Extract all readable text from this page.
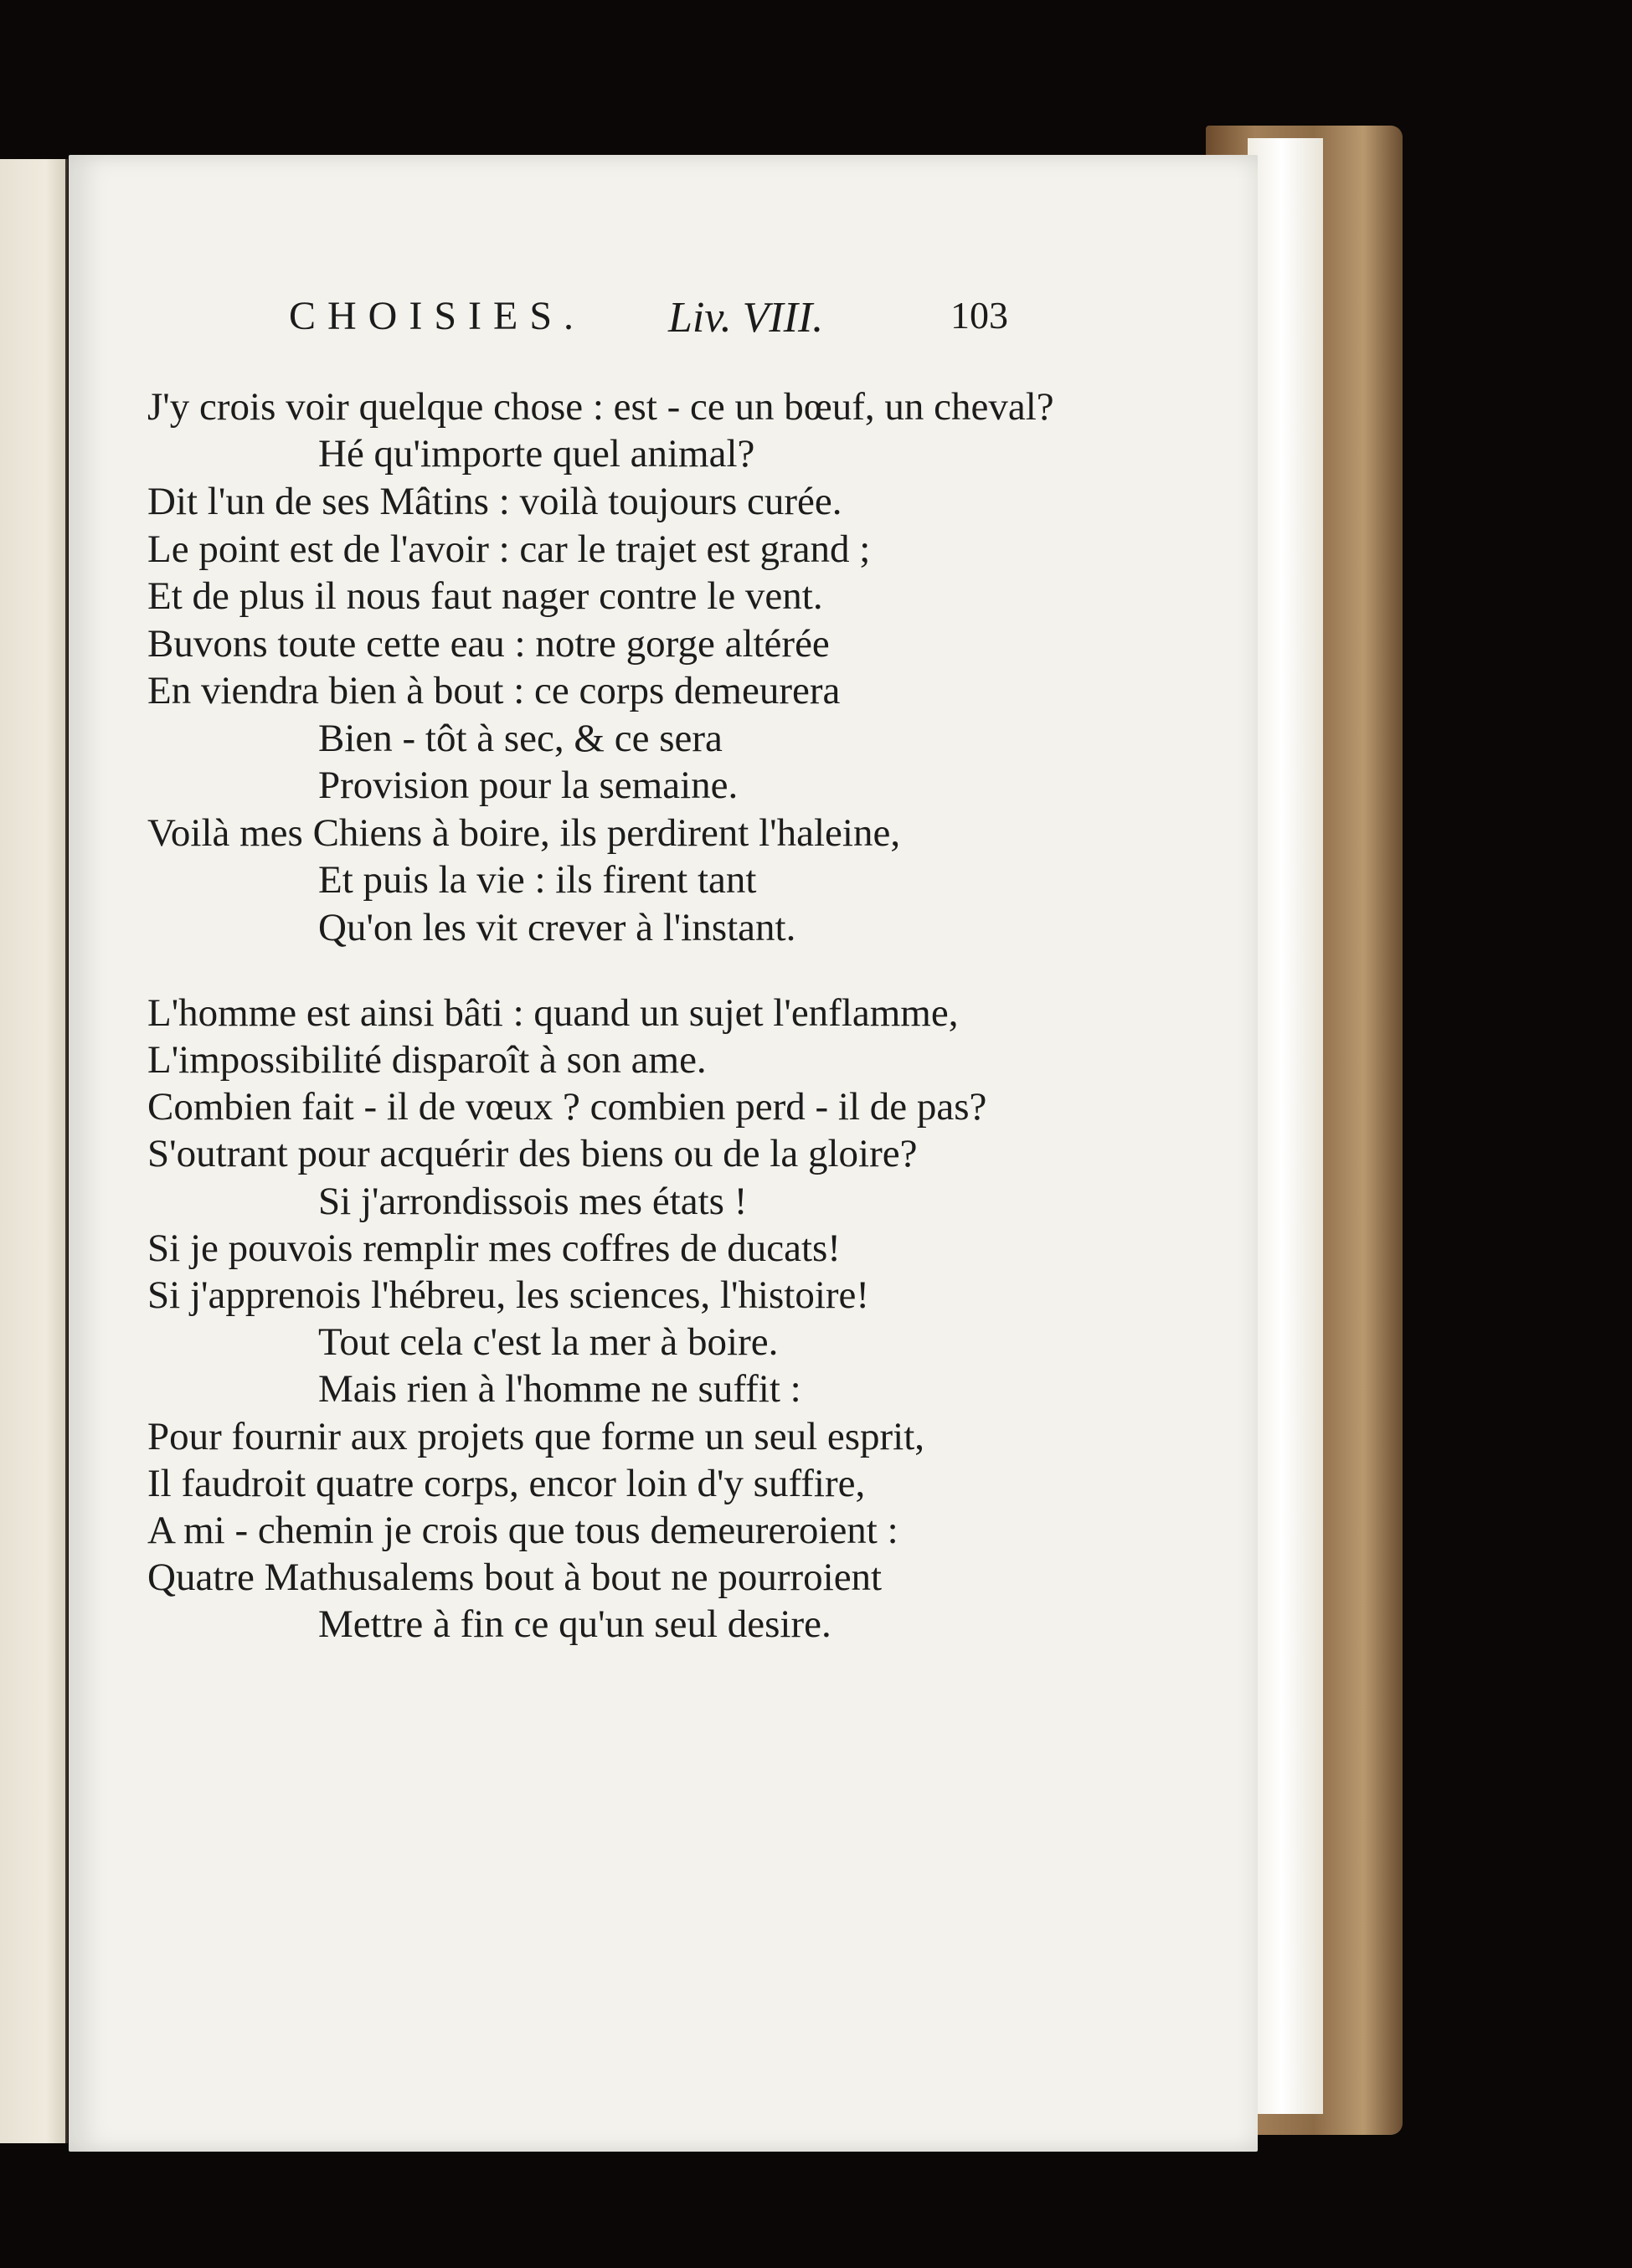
CHOISIES. Liv. VIII.	103
J'y crois voir quelque chose : est - ce un bœuf, un cheval?
Hé qu'importe quel animal?
Dit l'un de ses Mâtins : voilà toujours curée.
Le point est de l'avoir : car le trajet est grand ;
Et de plus il nous faut nager contre le vent.
Buvons toute cette eau : notre gorge altérée
En viendra bien à bout : ce corps demeurera
Bien - tôt à sec, & ce sera
Provision pour la semaine.
Voilà mes Chiens à boire, ils perdirent l'haleine,
Et puis la vie : ils firent tant
Qu'on les vit crever à l'instant.
L'homme est ainsi bâti : quand un sujet l'enflamme,
L'impossibilité disparoît à son ame.
Combien fait - il de vœux ? combien perd - il de pas?
S'outrant pour acquérir des biens ou de la gloire?
Si j'arrondissois mes états !
Si je pouvois remplir mes coffres de ducats!
Si j'apprenois l'hébreu, les sciences, l'histoire!
Tout cela c'est la mer à boire.
Mais rien à l'homme ne suffit :
Pour fournir aux projets que forme un seul esprit,
Il faudroit quatre corps, encor loin d'y suffire,
A mi - chemin je crois que tous demeureroient :
Quatre Mathusalems bout à bout ne pourroient
Mettre à fin ce qu'un seul desire.
